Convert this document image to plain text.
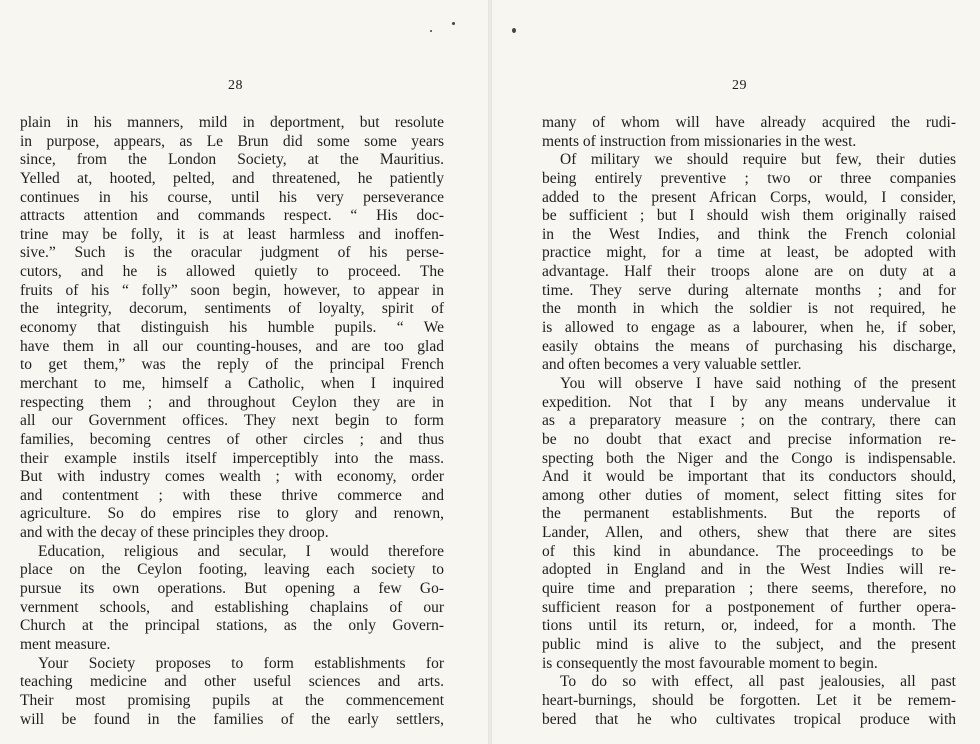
28
plain in his manners, mild in deportment, but resolute
in purpose, appears, as Le Brun did some some years
since, from the London Society, at the Mauritius.
Yelled at, hooted, pelted, and threatened, he patiently
continues in his course, until his very perseverance
attracts attention and commands respect. “ His doc-
trine may be folly, it is at least harmless and inoffen-
sive.” Such is the oracular judgment of his perse-
cutors, and he is allowed quietly to proceed. The
fruits of his “ folly” soon begin, however, to appear in
the integrity, decorum, sentiments of loyalty, spirit of
economy that distinguish his humble pupils. “ We
have them in all our counting-houses, and are too glad
to get them,” was the reply of the principal French
merchant to me, himself a Catholic, when I inquired
respecting them ; and throughout Ceylon they are in
all our Government offices. They next begin to form
families, becoming centres of other circles ; and thus
their example instils itself imperceptibly into the mass.
But with industry comes wealth ; with economy, order
and contentment ; with these thrive commerce and
agriculture. So do empires rise to glory and renown,
and with the decay of these principles they droop.
Education, religious and secular, I would therefore
place on the Ceylon footing, leaving each society to
pursue its own operations. But opening a few Go-
vernment schools, and establishing chaplains of our
Church at the principal stations, as the only Govern-
ment measure.
Your Society proposes to form establishments for
teaching medicine and other useful sciences and arts.
Their most promising pupils at the commencement
will be found in the families of the early settlers,
29
many of whom will have already acquired the rudi-
ments of instruction from missionaries in the west.
Of military we should require but few, their duties
being entirely preventive ; two or three companies
added to the present African Corps, would, I consider,
be sufficient ; but I should wish them originally raised
in the West Indies, and think the French colonial
practice might, for a time at least, be adopted with
advantage. Half their troops alone are on duty at a
time. They serve during alternate months ; and for
the month in which the soldier is not required, he
is allowed to engage as a labourer, when he, if sober,
easily obtains the means of purchasing his discharge,
and often becomes a very valuable settler.
You will observe I have said nothing of the present
expedition. Not that I by any means undervalue it
as a preparatory measure ; on the contrary, there can
be no doubt that exact and precise information re-
specting both the Niger and the Congo is indispensable.
And it would be important that its conductors should,
among other duties of moment, select fitting sites for
the permanent establishments. But the reports of
Lander, Allen, and others, shew that there are sites
of this kind in abundance. The proceedings to be
adopted in England and in the West Indies will re-
quire time and preparation ; there seems, therefore, no
sufficient reason for a postponement of further opera-
tions until its return, or, indeed, for a month. The
public mind is alive to the subject, and the present
is consequently the most favourable moment to begin.
To do so with effect, all past jealousies, all past
heart-burnings, should be forgotten. Let it be remem-
bered that he who cultivates tropical produce with
